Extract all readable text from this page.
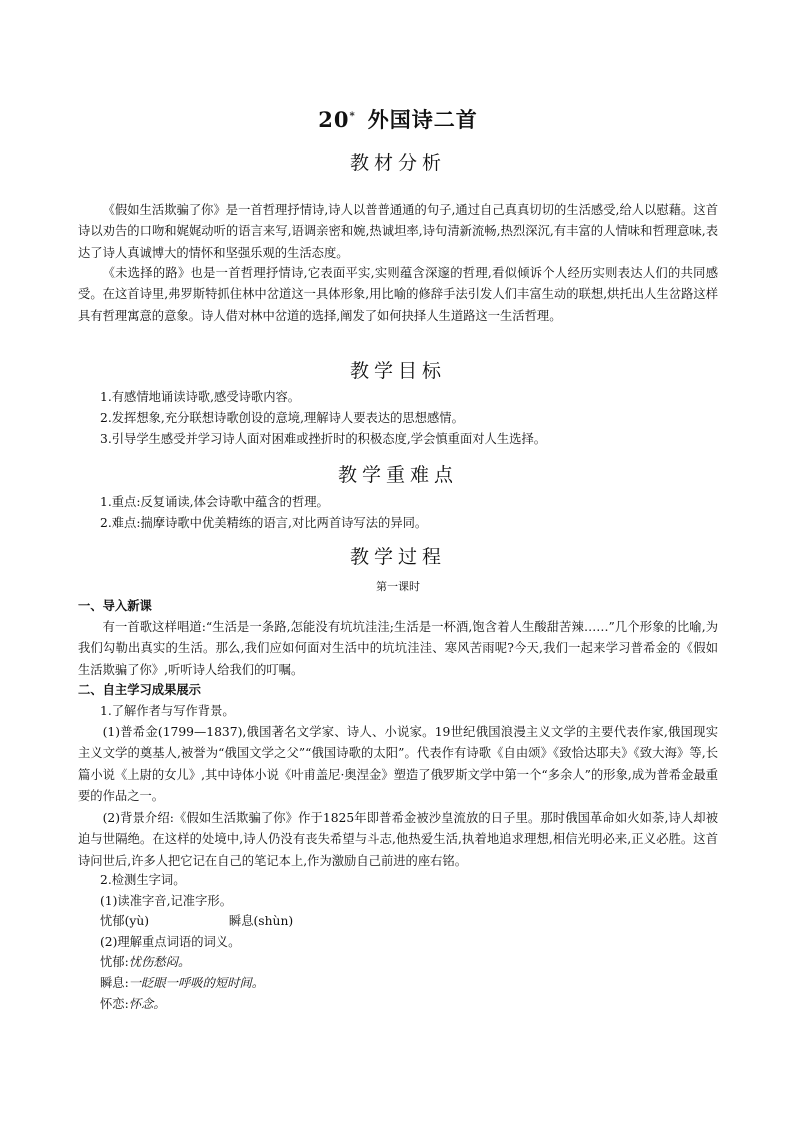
20* 外国诗二首
教材分析
《假如生活欺骗了你》是一首哲理抒情诗,诗人以普普通通的句子,通过自己真真切切的生活感受,给人以慰藉。这首诗以劝告的口吻和娓娓动听的语言来写,语调亲密和婉,热诚坦率,诗句清新流畅,热烈深沉,有丰富的人情味和哲理意味,表达了诗人真诚博大的情怀和坚强乐观的生活态度。
《未选择的路》也是一首哲理抒情诗,它表面平实,实则蕴含深邃的哲理,看似倾诉个人经历实则表达人们的共同感受。在这首诗里,弗罗斯特抓住林中岔道这一具体形象,用比喻的修辞手法引发人们丰富生动的联想,烘托出人生岔路这样具有哲理寓意的意象。诗人借对林中岔道的选择,阐发了如何抉择人生道路这一生活哲理。
教学目标
1.有感情地诵读诗歌,感受诗歌内容。
2.发挥想象,充分联想诗歌创设的意境,理解诗人要表达的思想感情。
3.引导学生感受并学习诗人面对困难或挫折时的积极态度,学会慎重面对人生选择。
教学重难点
1.重点:反复诵读,体会诗歌中蕴含的哲理。
2.难点:揣摩诗歌中优美精练的语言,对比两首诗写法的异同。
教学过程
第一课时
一、导入新课
有一首歌这样唱道:“生活是一条路,怎能没有坑坑洼洼;生活是一杯酒,饱含着人生酸甜苦辣……”几个形象的比喻,为我们勾勒出真实的生活。那么,我们应如何面对生活中的坑坑洼洼、寒风苦雨呢?今天,我们一起来学习普希金的《假如生活欺骗了你》,听听诗人给我们的叮嘱。
二、自主学习成果展示
1.了解作者与写作背景。
(1)普希金(1799—1837),俄国著名文学家、诗人、小说家。19世纪俄国浪漫主义文学的主要代表作家,俄国现实主义文学的奠基人,被誉为“俄国文学之父”“俄国诗歌的太阳”。代表作有诗歌《自由颂》《致恰达耶夫》《致大海》等,长篇小说《上尉的女儿》,其中诗体小说《叶甫盖尼·奥涅金》塑造了俄罗斯文学中第一个“多余人”的形象,成为普希金最重要的作品之一。
(2)背景介绍:《假如生活欺骗了你》作于1825年即普希金被沙皇流放的日子里。那时俄国革命如火如荼,诗人却被迫与世隔绝。在这样的处境中,诗人仍没有丧失希望与斗志,他热爱生活,执着地追求理想,相信光明必来,正义必胜。这首诗问世后,许多人把它记在自己的笔记本上,作为激励自己前进的座右铭。
2.检测生字词。
(1)读准字音,记准字形。
忧郁(yù)	瞬息(shùn)
(2)理解重点词语的词义。
忧郁:忧伤愁闷。
瞬息:一眨眼一呼吸的短时间。
怀恋:怀念。
